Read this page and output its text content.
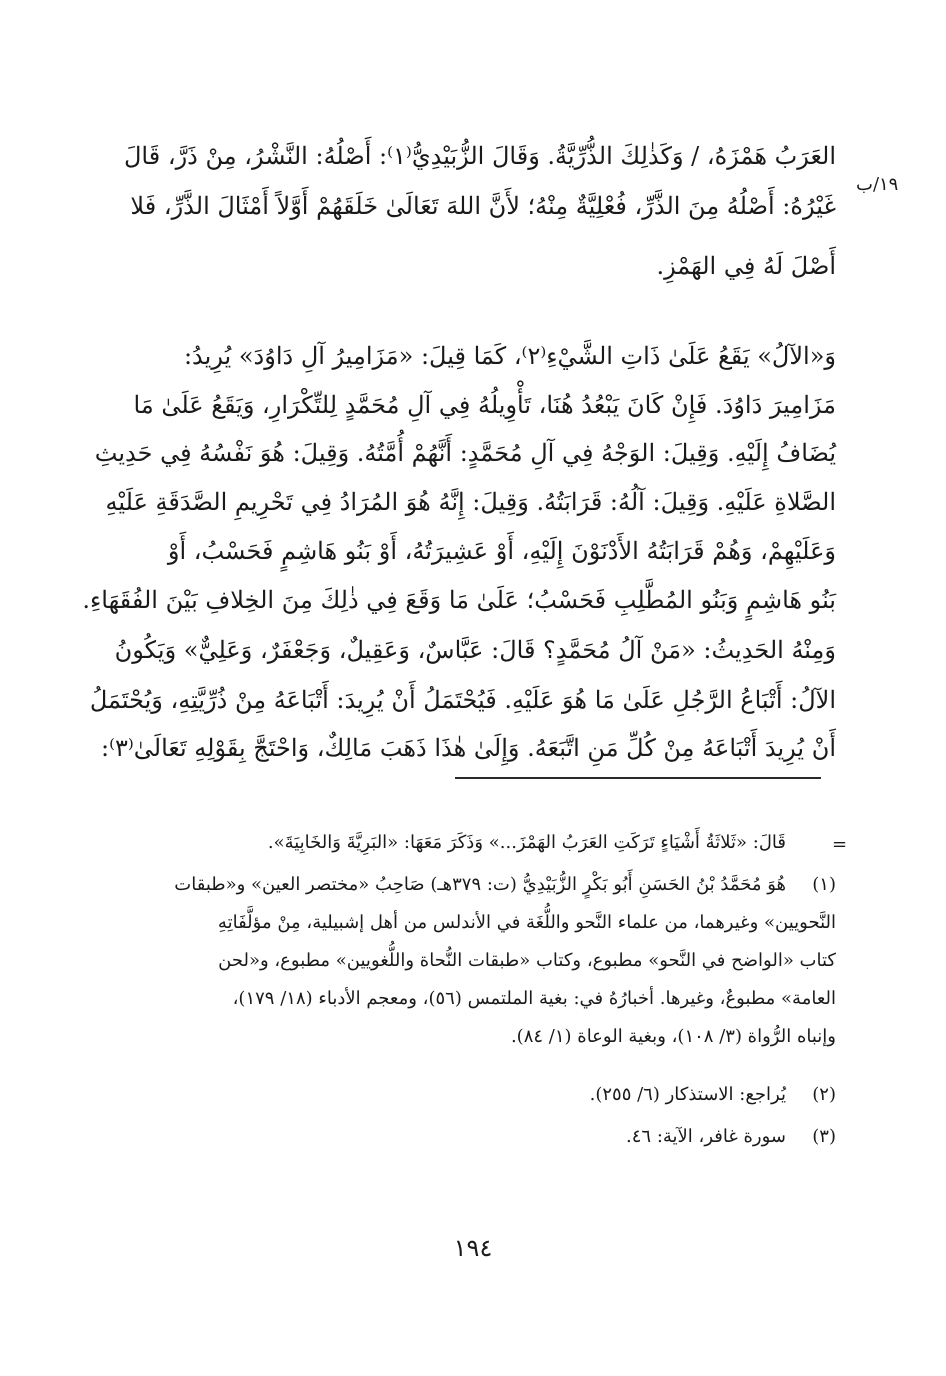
١٩/ب
العَرَبُ هَمْزَهُ، / وَكَذٰلِكَ الذُّرِّيَّةُ. وَقَالَ الزُّبَيْدِيُّ⁽١⁾: أَصْلُهُ: النَّشْرُ، مِنْ ذَرَّ، قَالَ
غَيْرُهُ: أَصْلُهُ مِنَ الذَّرِّ، فُعْلِيَّةٌ مِنْهُ؛ لأَنَّ اللهَ تَعَالَىٰ خَلَقَهُمْ أَوَّلاً أَمْثَالَ الذَّرِّ، فَلا
أَصْلَ لَهُ فِي الهَمْزِ.
وَ«الآلُ» يَقَعُ عَلَىٰ ذَاتِ الشَّيْءِ⁽٢⁾، كَمَا قِيلَ: «مَزَامِيرُ آلِ دَاوُدَ» يُرِيدُ:
مَزَامِيرَ دَاوُدَ. فَإِنْ كَانَ يَبْعُدُ هُنَا، تَأْوِيلُهُ فِي آلِ مُحَمَّدٍ لِلتِّكْرَارِ، وَيَقَعُ عَلَىٰ مَا
يُضَافُ إِلَيْهِ. وَقِيلَ: الوَجْهُ فِي آلِ مُحَمَّدٍ: أَنَّهُمْ أُمَّتُهُ. وَقِيلَ: هُوَ نَفْسُهُ فِي حَدِيثِ
الصَّلاةِ عَلَيْهِ. وَقِيلَ: آلُهُ: قَرَابَتُهُ. وَقِيلَ: إِنَّهُ هُوَ المُرَادُ فِي تَحْرِيمِ الصَّدَقَةِ عَلَيْهِ
وَعَلَيْهِمْ، وَهُمْ قَرَابَتُهُ الأَدْنَوْنَ إِلَيْهِ، أَوْ عَشِيرَتُهُ، أَوْ بَنُو هَاشِمٍ فَحَسْبُ، أَوْ
بَنُو هَاشِمٍ وَبَنُو المُطَّلِبِ فَحَسْبُ؛ عَلَىٰ مَا وَقَعَ فِي ذٰلِكَ مِنَ الخِلافِ بَيْنَ الفُقَهَاءِ.
وَمِنْهُ الحَدِيثُ: «مَنْ آلُ مُحَمَّدٍ؟ قَالَ: عَبَّاسٌ، وَعَقِيلٌ، وَجَعْفَرٌ، وَعَلِيٌّ» وَيَكُونُ
الآلُ: أَتْبَاعُ الرَّجُلِ عَلَىٰ مَا هُوَ عَلَيْهِ. فَيُحْتَمَلُ أَنْ يُرِيدَ: أَتْبَاعَهُ مِنْ ذُرِّيَّتِهِ، وَيُحْتَمَلُ
أَنْ يُرِيدَ أَتْبَاعَهُ مِنْ كُلِّ مَنِ اتَّبَعَهُ. وَإِلَىٰ هٰذَا ذَهَبَ مَالِكٌ، وَاحْتَجَّ بِقَوْلِهِ تَعَالَىٰ⁽٣⁾:
=
قَالَ: «ثَلاثَةُ أَشْيَاءٍ تَرَكَتِ العَرَبُ الهَمْزَ...» وَذَكَرَ مَعَهَا: «البَرِيَّةَ وَالخَابِيَةَ».
(١)
هُوَ مُحَمَّدُ بْنُ الحَسَنِ أَبُو بَكْرٍ الزُّبَيْدِيُّ (ت: ٣٧٩هـ) صَاحِبُ «مختصر العين» و«طبقات
النَّحويين» وغيرهما، من علماء النَّحو واللُّغَة في الأندلس من أهل إشبيلية، مِنْ مؤلَّفَاتِهِ
كتاب «الواضح في النَّحو» مطبوع، وكتاب «طبقات النُّحاة واللُّغويين» مطبوع، و«لحن
العامة» مطبوعٌ، وغيرها. أخبارُهُ في: بغية الملتمس (٥٦)، ومعجم الأدباء (١٨/ ١٧٩)،
وإنباه الرُّواة (٣/ ١٠٨)، وبغية الوعاة (١/ ٨٤).
(٢)
يُراجع: الاستذكار (٦/ ٢٥٥).
(٣)
سورة غافر، الآية: ٤٦.
١٩٤
